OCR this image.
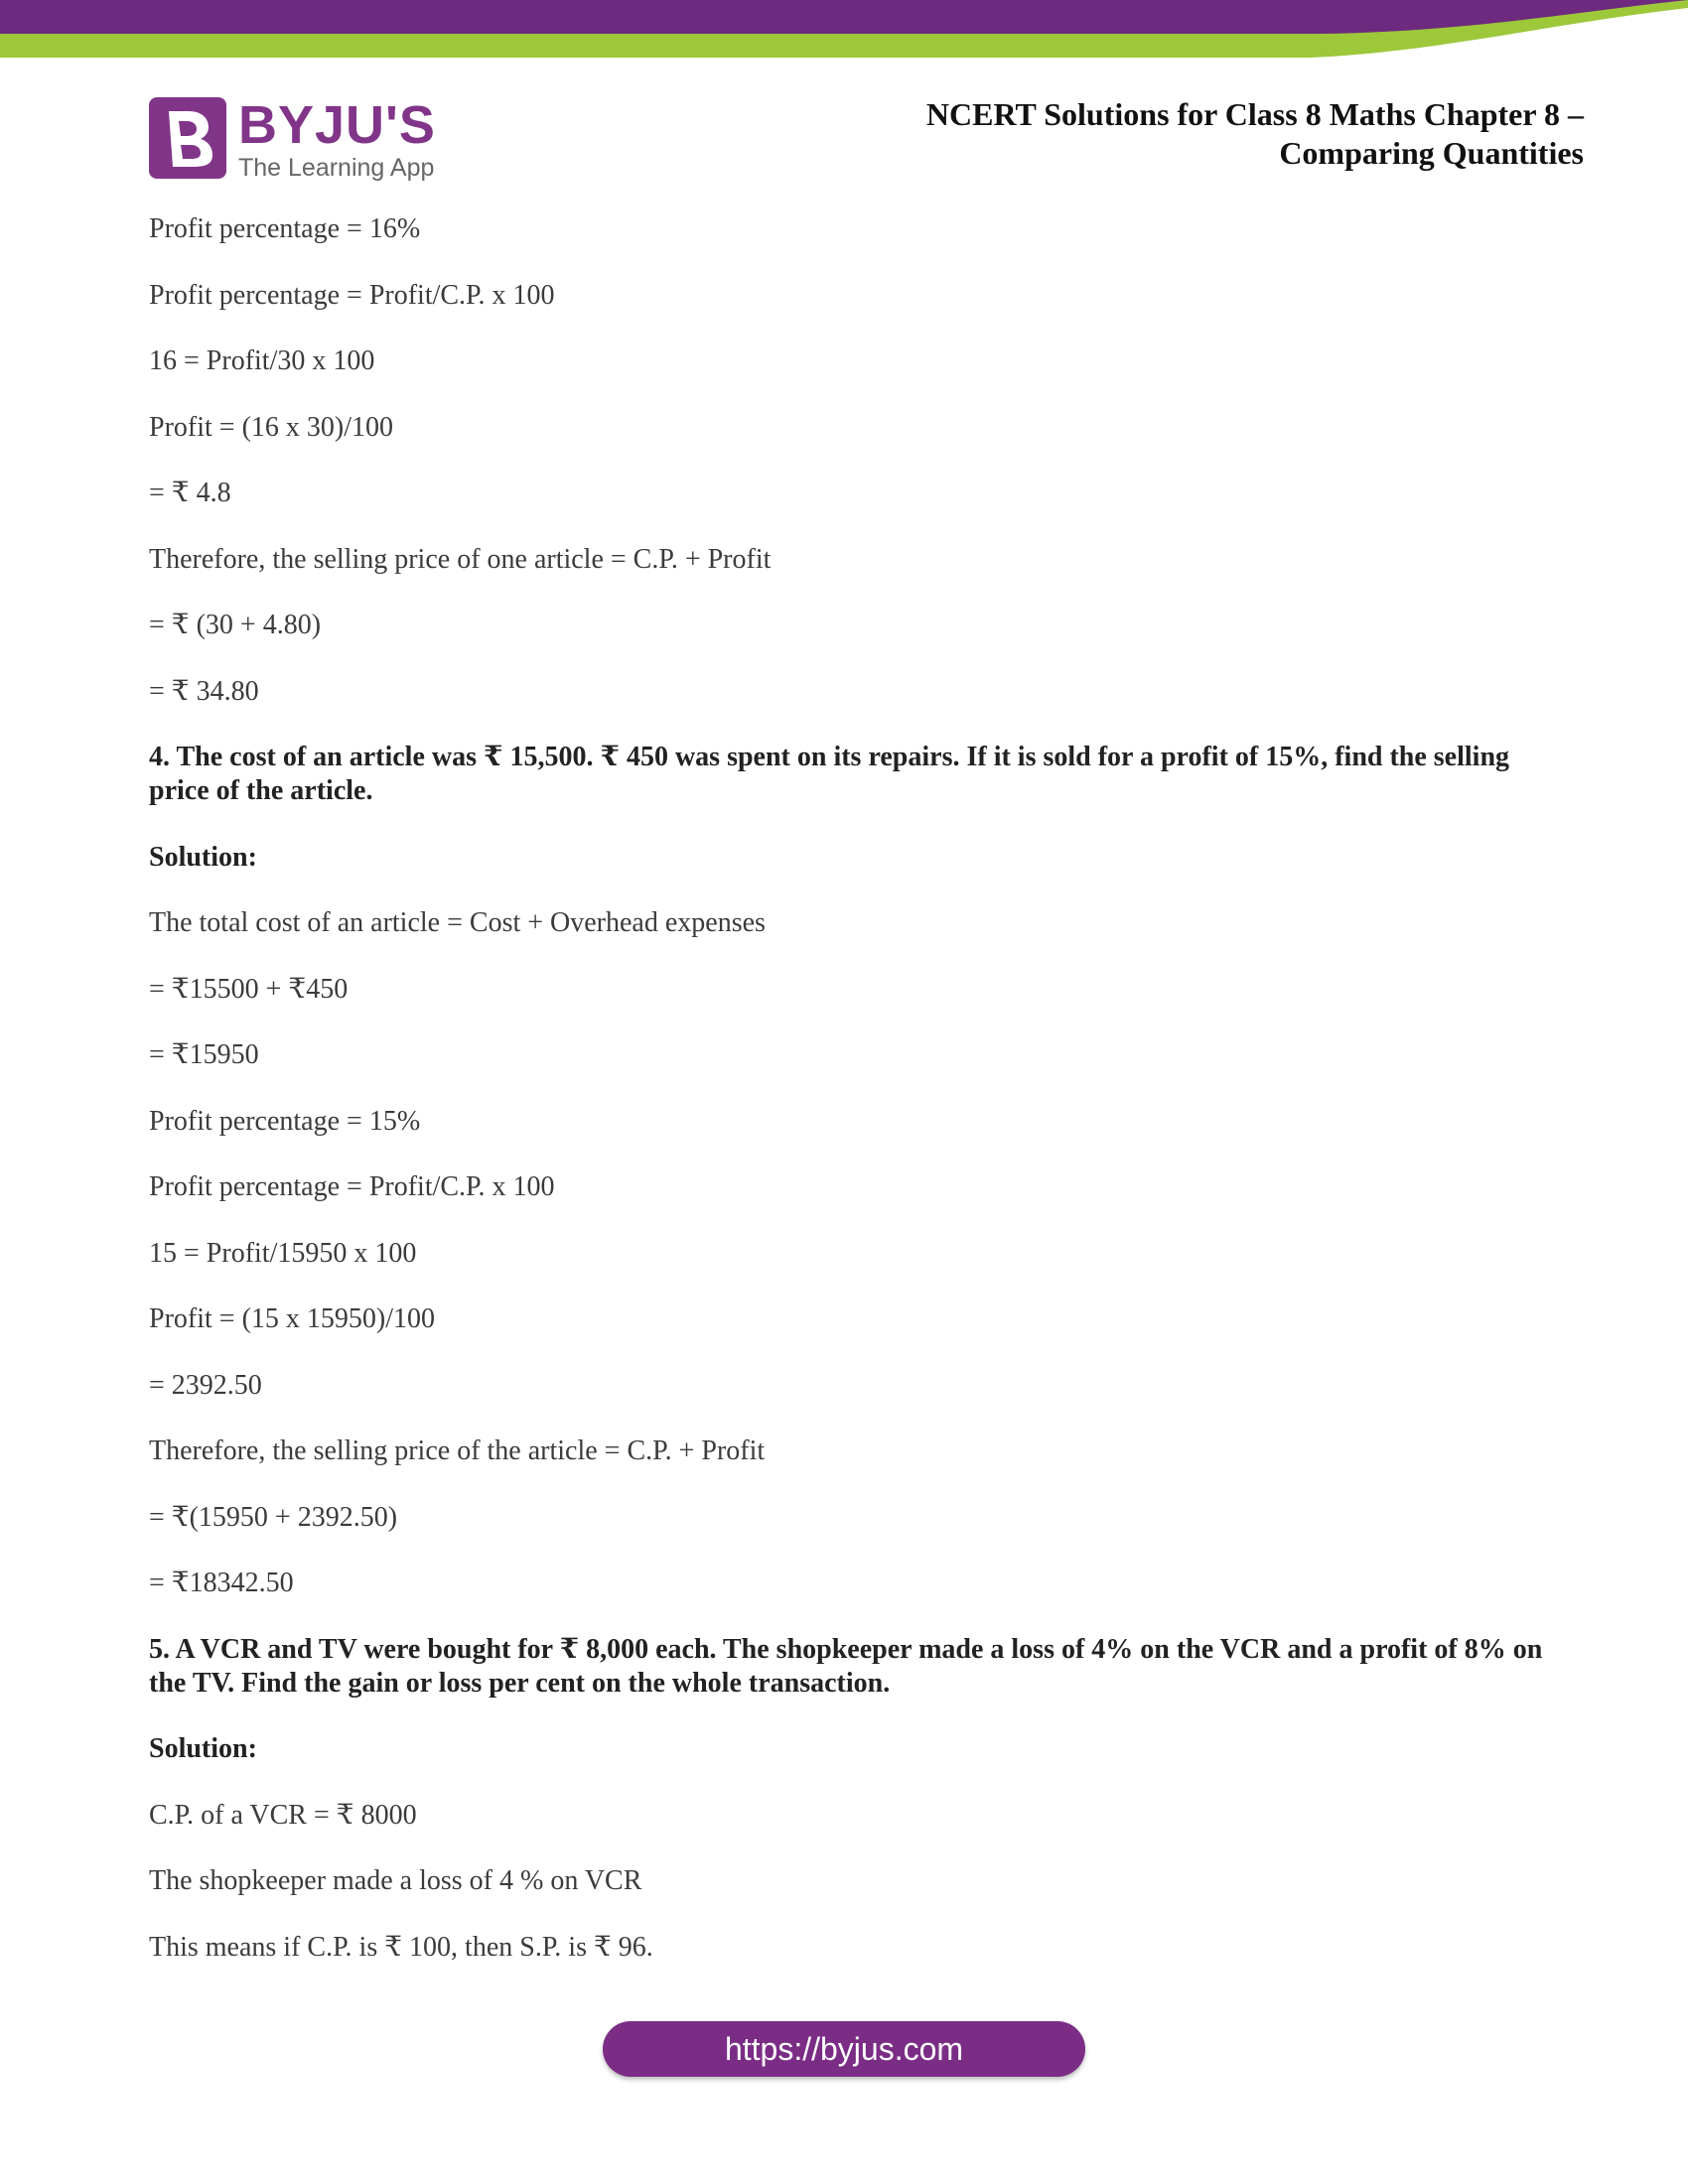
BYJU'S
The Learning App
NCERT Solutions for Class 8 Maths Chapter 8 –
Comparing Quantities
Profit percentage = 16%
Profit percentage = Profit/C.P. x 100
16 = Profit/30 x 100
Profit = (16 x 30)/100
= ₹ 4.8
Therefore, the selling price of one article = C.P. + Profit
= ₹ (30 + 4.80)
= ₹ 34.80
4. The cost of an article was ₹ 15,500. ₹ 450 was spent on its repairs. If it is sold for a profit of 15%, find the selling price of the article.
Solution:
The total cost of an article = Cost + Overhead expenses
= ₹15500 + ₹450
= ₹15950
Profit percentage = 15%
Profit percentage = Profit/C.P. x 100
15 = Profit/15950 x 100
Profit = (15 x 15950)/100
= 2392.50
Therefore, the selling price of the article = C.P. + Profit
= ₹(15950 + 2392.50)
= ₹18342.50
5. A VCR and TV were bought for ₹ 8,000 each. The shopkeeper made a loss of 4% on the VCR and a profit of 8% on the TV. Find the gain or loss per cent on the whole transaction.
Solution:
C.P. of a VCR = ₹ 8000
The shopkeeper made a loss of 4 % on VCR
This means if C.P. is ₹ 100, then S.P. is ₹ 96.
https://byjus.com
